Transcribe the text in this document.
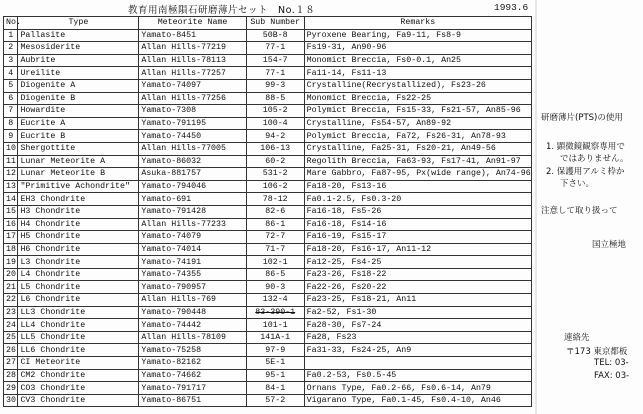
教育用南極隕石研磨薄片セット　No.１８	1993.6
No.	Type	Meteorite Name	Sub Number	Remarks
1	Pallasite	Yamato-8451	50B-8	Pyroxene Bearing, Fa9-11, Fs8-9
2	Mesosiderite	Allan Hills-77219	77-1	Fs19-31, An90-96
3	Aubrite	Allan Hills-78113	154-7	Monomict Breccia, Fs0-0.1, An25
4	Ureilite	Allan Hills-77257	77-1	Fa11-14, Fs11-13
5	Diogenite A	Yamato-74097	99-3	Crystalline(Recrystallized), Fs23-26
6	Diogenite B	Allan Hills-77256	88-5	Monomict Breccia, Fs22-25
7	Howardite	Yamato-7308	105-2	Polymict Breccia, Fs15-33, Fs21-57, An85-96
8	Eucrite A	Yamato-791195	100-4	Crystalline, Fs54-57, An89-92
9	Eucrite B	Yamato-74450	94-2	Polymict Breccia, Fa72, Fs26-31, An78-93
10	Shergottite	Allan Hills-77005	106-13	Crystalline, Fa25-31, Fs20-21, An49-56
11	Lunar Meteorite A	Yamato-86032	60-2	Regolith Breccia, Fa63-93, Fs17-41, An91-97
12	Lunar Meteorite B	Asuka-881757	531-2	Mare Gabbro, Fa87-95, Px(wide range), An74-96
13	"Primitive Achondrite"	Yamato-794046	106-2	Fa18-20, Fs13-16
14	EH3 Chondrite	Yamato-691	78-12	Fa0.1-2.5, Fs0.3-20
15	H3 Chondrite	Yamato-791428	82-6	Fa16-18, Fs5-26
16	H4 Chondrite	Allan Hills-77233	86-1	Fa16-18, Fs14-16
17	H5 Chondrite	Yamato-74079	72-7	Fa16-19, Fs15-17
18	H6 Chondrite	Yamato-74014	71-7	Fa18-20, Fs16-17, An11-12
19	L3 Chondrite	Yamato-74191	102-1	Fa12-25, Fs4-25
20	L4 Chondrite	Yamato-74355	86-5	Fa23-26, Fs18-22
21	L5 Chondrite	Yamato-790957	90-3	Fa22-26, Fs20-22
22	L6 Chondrite	Allan Hills-769	132-4	Fa23-25, Fs18-21, An11
23	LL3 Chondrite	Yamato-790448	83-390-1	Fa2-52, Fs1-30
24	LL4 Chondrite	Yamato-74442	101-1	Fa28-30, Fs7-24
25	LL5 Chondrite	Allan Hills-78109	141A-1	Fa28, Fs23
26	LL6 Chondrite	Yamato-75258	97-9	Fa31-33, Fs24-25, An9
27	CI Meteorite	Yamato-82162	5E-1	
28	CM2 Chondrite	Yamato-74662	95-1	Fa0.2-53, Fs0.5-45
29	CO3 Chondrite	Yamato-791717	84-1	Ornans Type, Fa0.2-66, Fs0.6-14, An79
30	CV3 Chondrite	Yamato-86751	57-2	Vigarano Type, Fa0.1-45, Fs0.4-10, An46
研磨薄片(PTS)の使用
1. 顕微鏡観察専用で
ではありません。
2. 保護用アルミ枠か
下さい。
注意して取り扱って
国立極地
連絡先
〒173 東京都板
TEL: 03-
FAX: 03-
